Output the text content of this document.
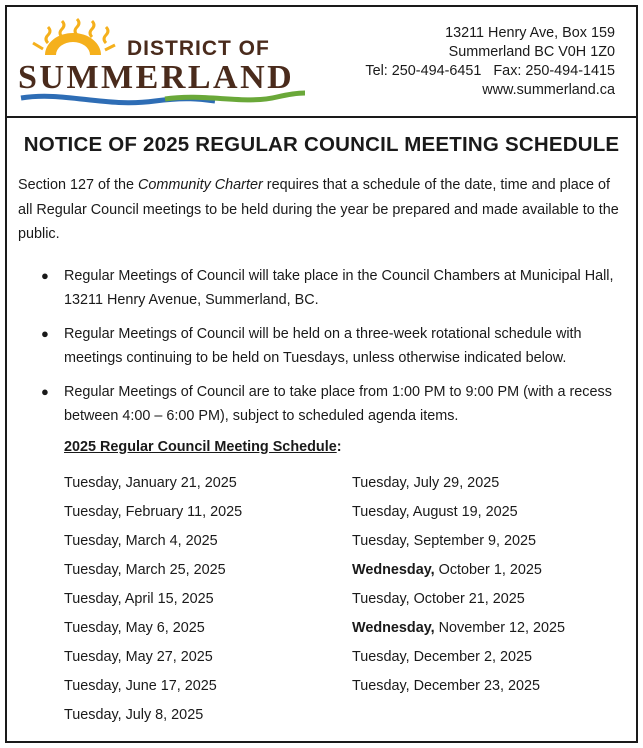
DISTRICT OF
SUMMERLAND
13211 Henry Ave, Box 159
Summerland BC V0H 1Z0
Tel: 250-494-6451   Fax: 250-494-1415
www.summerland.ca
NOTICE OF 2025 REGULAR COUNCIL MEETING SCHEDULE
Section 127 of the Community Charter requires that a schedule of the date, time and place of all Regular Council meetings to be held during the year be prepared and made available to the public.
● Regular Meetings of Council will take place in the Council Chambers at Municipal Hall, 13211 Henry Avenue, Summerland, BC.
● Regular Meetings of Council will be held on a three-week rotational schedule with meetings continuing to be held on Tuesdays, unless otherwise indicated below.
● Regular Meetings of Council are to take place from 1:00 PM to 9:00 PM (with a recess between 4:00 – 6:00 PM), subject to scheduled agenda items.
2025 Regular Council Meeting Schedule:
Tuesday, January 21, 2025
Tuesday, February 11, 2025
Tuesday, March 4, 2025
Tuesday, March 25, 2025
Tuesday, April 15, 2025
Tuesday, May 6, 2025
Tuesday, May 27, 2025
Tuesday, June 17, 2025
Tuesday, July 8, 2025
Tuesday, July 29, 2025
Tuesday, August 19, 2025
Tuesday, September 9, 2025
Wednesday, October 1, 2025
Tuesday, October 21, 2025
Wednesday, November 12, 2025
Tuesday, December 2, 2025
Tuesday, December 23, 2025
